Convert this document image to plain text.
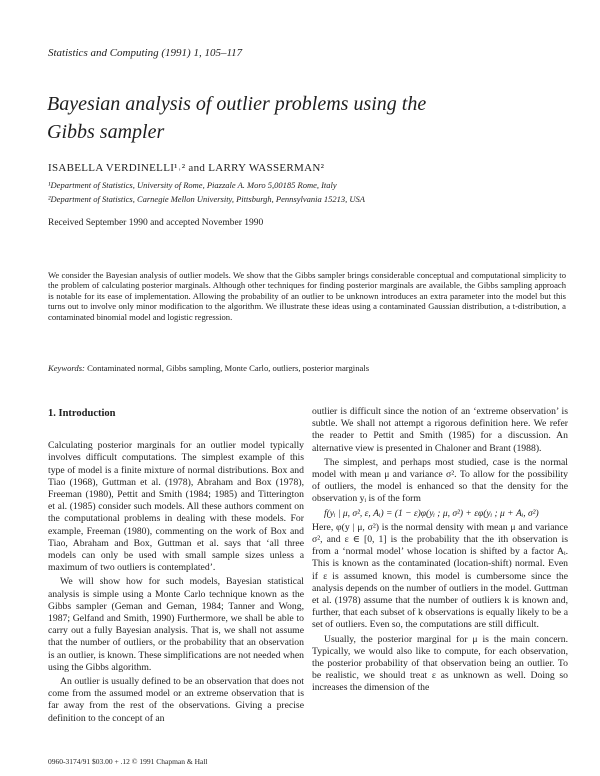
Statistics and Computing (1991) 1, 105–117
Bayesian analysis of outlier problems using the Gibbs sampler
ISABELLA VERDINELLI¹˒² and LARRY WASSERMAN²
¹Department of Statistics, University of Rome, Piazzale A. Moro 5,00185 Rome, Italy
²Department of Statistics, Carnegie Mellon University, Pittsburgh, Pennsylvania 15213, USA
Received September 1990 and accepted November 1990
We consider the Bayesian analysis of outlier models. We show that the Gibbs sampler brings considerable conceptual and computational simplicity to the problem of calculating posterior marginals. Although other techniques for finding posterior marginals are available, the Gibbs sampling approach is notable for its ease of implementation. Allowing the probability of an outlier to be unknown introduces an extra parameter into the model but this turns out to involve only minor modification to the algorithm. We illustrate these ideas using a contaminated Gaussian distribution, a t-distribution, a contaminated binomial model and logistic regression.
Keywords: Contaminated normal, Gibbs sampling, Monte Carlo, outliers, posterior marginals
1. Introduction

Calculating posterior marginals for an outlier model typically involves difficult computations. The simplest example of this type of model is a finite mixture of normal distributions. Box and Tiao (1968), Guttman et al. (1978), Abraham and Box (1978), Freeman (1980), Pettit and Smith (1984; 1985) and Titterington et al. (1985) consider such models. All these authors comment on the computational problems in dealing with these models. For example, Freeman (1980), commenting on the work of Box and Tiao, Abraham and Box, Guttman et al. says that ‘all three models can only be used with small sample sizes unless a maximum of two outliers is contemplated’.

We will show how for such models, Bayesian statistical analysis is simple using a Monte Carlo technique known as the Gibbs sampler (Geman and Geman, 1984; Tanner and Wong, 1987; Gelfand and Smith, 1990) Furthermore, we shall be able to carry out a fully Bayesian analysis. That is, we shall not assume that the number of outliers, or the probability that an observation is an outlier, is known. These simplifications are not needed when using the Gibbs algorithm.

An outlier is usually defined to be an observation that does not come from the assumed model or an extreme observation that is far away from the rest of the observations. Giving a precise definition to the concept of an

outlier is difficult since the notion of an ‘extreme observation’ is subtle. We shall not attempt a rigorous definition here. We refer the reader to Pettit and Smith (1985) for a discussion. An alternative view is presented in Chaloner and Brant (1988).

The simplest, and perhaps most studied, case is the normal model with mean μ and variance σ². To allow for the possibility of outliers, the model is enhanced so that the density for the observation yᵢ is of the form

f(yᵢ | μ, σ², ε, Aᵢ) = (1 − ε)φ(yᵢ ; μ, σ²) + εφ(yᵢ ; μ + Aᵢ, σ²)

Here, φ(y | μ, σ²) is the normal density with mean μ and variance σ², and ε ∈ [0, 1] is the probability that the ith observation is from a ‘normal model’ whose location is shifted by a factor Aᵢ. This is known as the contaminated (location-shift) normal. Even if ε is assumed known, this model is cumbersome since the analysis depends on the number of outliers in the model. Guttman et al. (1978) assume that the number of outliers k is known and, further, that each subset of k observations is equally likely to be a set of outliers. Even so, the computations are still difficult.

Usually, the posterior marginal for μ is the main concern. Typically, we would also like to compute, for each observation, the posterior probability of that observation being an outlier. To be realistic, we should treat ε as unknown as well. Doing so increases the dimension of the

0960-3174/91 $03.00 + .12 © 1991 Chapman & Hall
